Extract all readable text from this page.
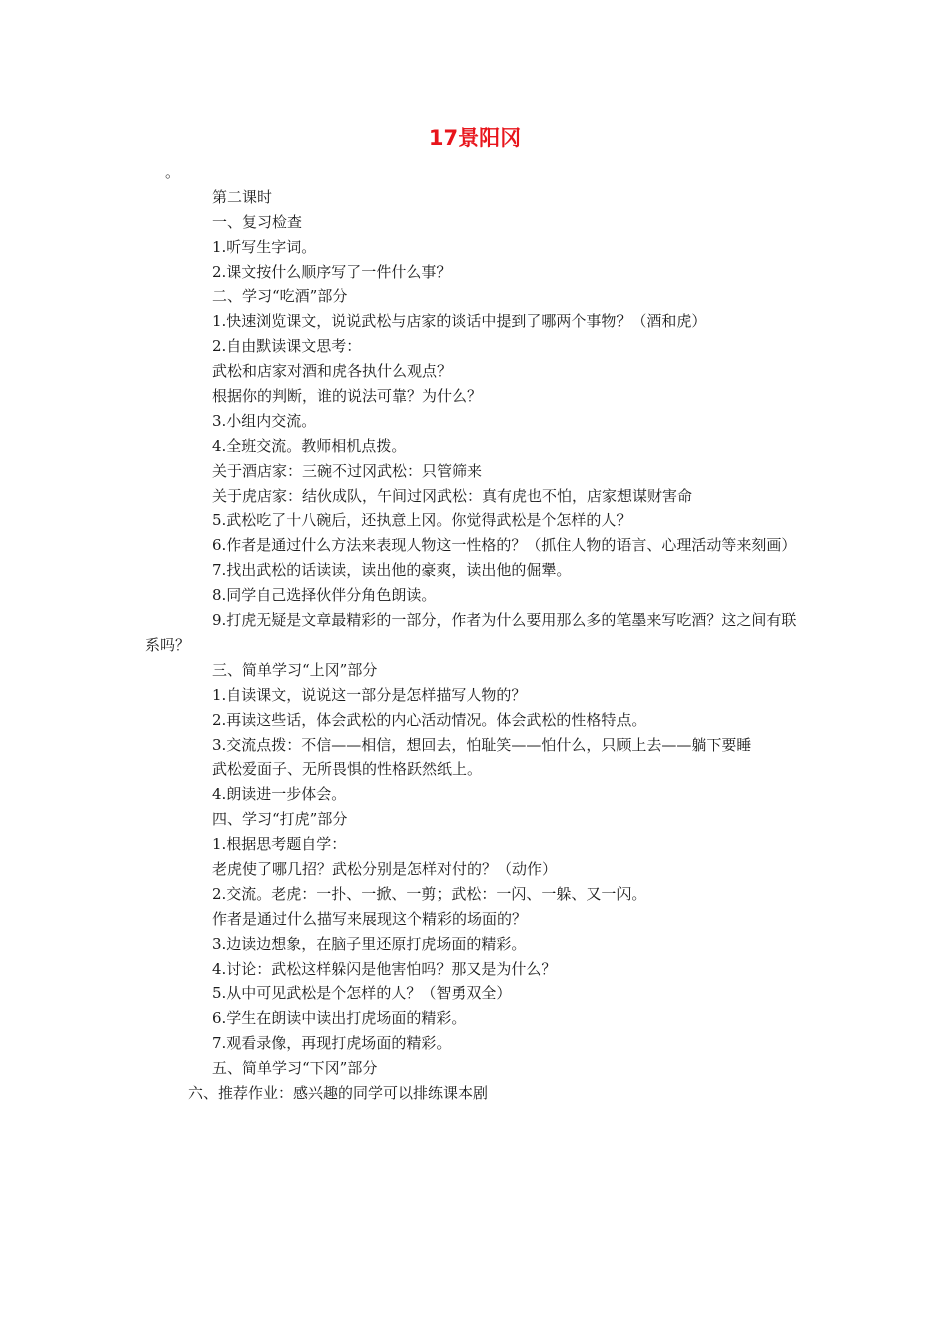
17景阳冈

。

第二课时

一、复习检查

1.听写生字词。

2.课文按什么顺序写了一件什么事？

二、学习“吃酒”部分

1.快速浏览课文，说说武松与店家的谈话中提到了哪两个事物？（酒和虎）

2.自由默读课文思考：

武松和店家对酒和虎各执什么观点？

根据你的判断，谁的说法可靠？为什么？

3.小组内交流。

4.全班交流。教师相机点拨。

关于酒店家：三碗不过冈武松：只管筛来

关于虎店家：结伙成队，午间过冈武松：真有虎也不怕，店家想谋财害命

5.武松吃了十八碗后，还执意上冈。你觉得武松是个怎样的人？

6.作者是通过什么方法来表现人物这一性格的？（抓住人物的语言、心理活动等来刻画）

7.找出武松的话读读，读出他的豪爽，读出他的倔犟。

8.同学自己选择伙伴分角色朗读。

9.打虎无疑是文章最精彩的一部分，作者为什么要用那么多的笔墨来写吃酒？这之间有联系吗？

三、简单学习“上冈”部分

1.自读课文，说说这一部分是怎样描写人物的？

2.再读这些话，体会武松的内心活动情况。体会武松的性格特点。

3.交流点拨：不信——相信，想回去，怕耻笑——怕什么，只顾上去——躺下要睡

武松爱面子、无所畏惧的性格跃然纸上。

4.朗读进一步体会。

四、学习“打虎”部分

1.根据思考题自学：

老虎使了哪几招？武松分别是怎样对付的？（动作）

2.交流。老虎：一扑、一掀、一剪；武松：一闪、一躲、又一闪。

作者是通过什么描写来展现这个精彩的场面的？

3.边读边想象，在脑子里还原打虎场面的精彩。

4.讨论：武松这样躲闪是他害怕吗？那又是为什么？

5.从中可见武松是个怎样的人？（智勇双全）

6.学生在朗读中读出打虎场面的精彩。

7.观看录像，再现打虎场面的精彩。

五、简单学习“下冈”部分

六、推荐作业：感兴趣的同学可以排练课本剧
